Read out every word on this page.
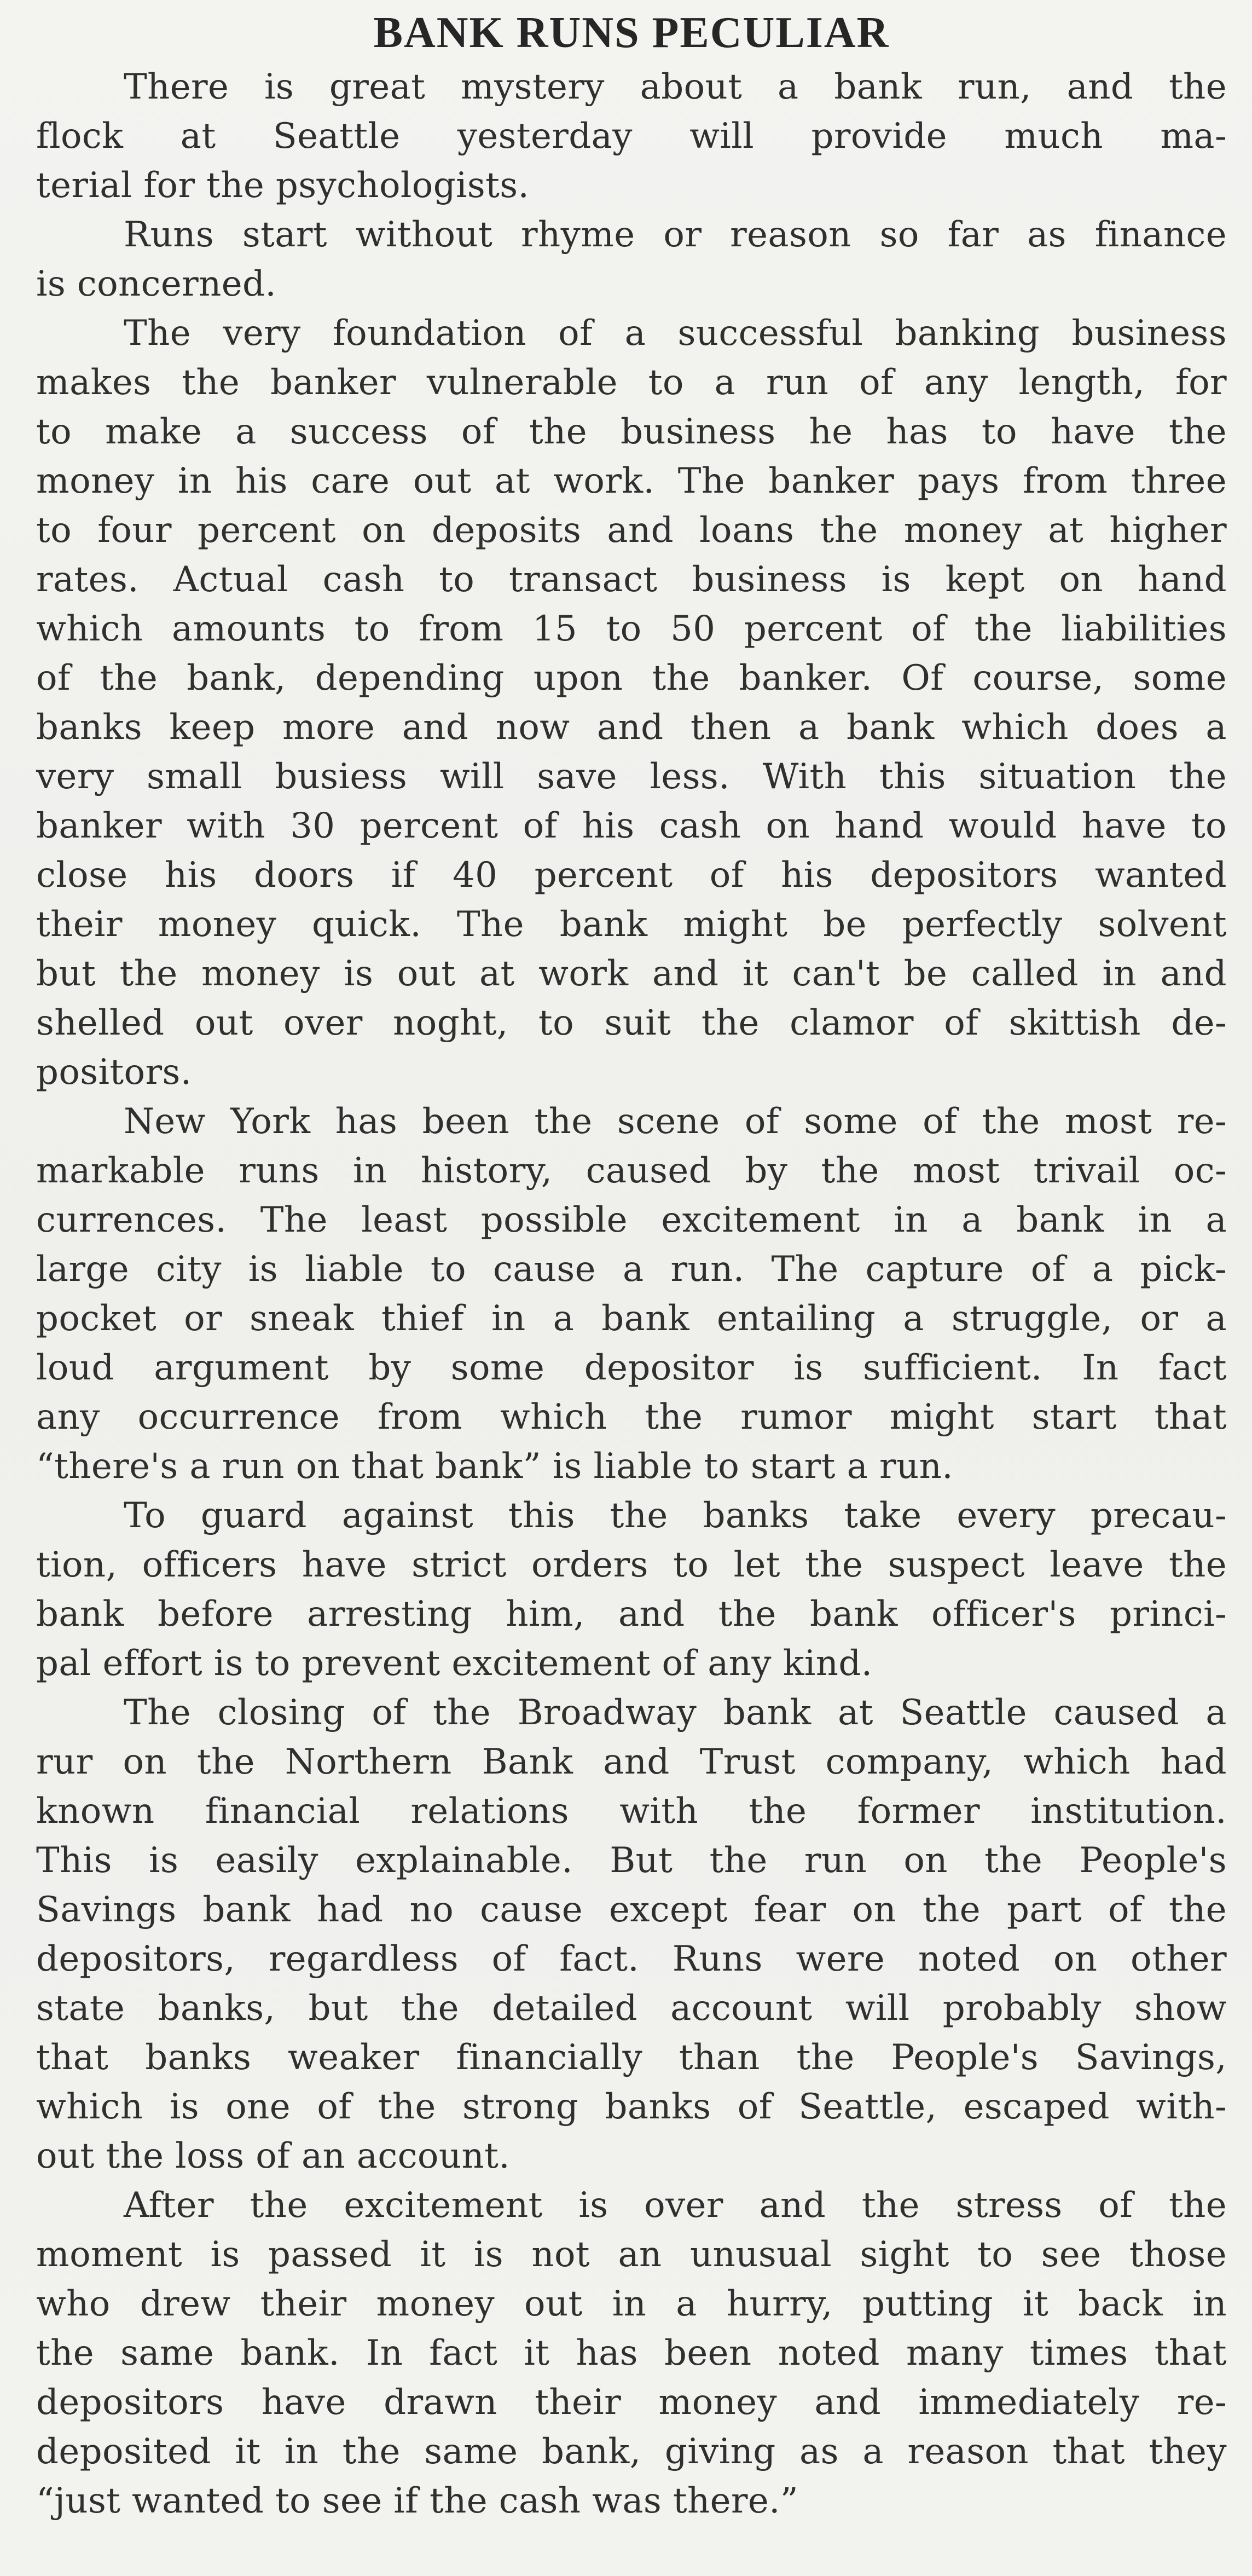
BANK RUNS PECULIAR
There is great mystery about a bank run, and the
flock at Seattle yesterday will provide much ma-
terial for the psychologists.
Runs start without rhyme or reason so far as finance
is concerned.
The very foundation of a successful banking business
makes the banker vulnerable to a run of any length, for
to make a success of the business he has to have the
money in his care out at work. The banker pays from three
to four percent on deposits and loans the money at higher
rates. Actual cash to transact business is kept on hand
which amounts to from 15 to 50 percent of the liabilities
of the bank, depending upon the banker. Of course, some
banks keep more and now and then a bank which does a
very small busiess will save less. With this situation the
banker with 30 percent of his cash on hand would have to
close his doors if 40 percent of his depositors wanted
their money quick. The bank might be perfectly solvent
but the money is out at work and it can't be called in and
shelled out over noght, to suit the clamor of skittish de-
positors.
New York has been the scene of some of the most re-
markable runs in history, caused by the most trivail oc-
currences. The least possible excitement in a bank in a
large city is liable to cause a run. The capture of a pick-
pocket or sneak thief in a bank entailing a struggle, or a
loud argument by some depositor is sufficient. In fact
any occurrence from which the rumor might start that
“there's a run on that bank” is liable to start a run.
To guard against this the banks take every precau-
tion, officers have strict orders to let the suspect leave the
bank before arresting him, and the bank officer's princi-
pal effort is to prevent excitement of any kind.
The closing of the Broadway bank at Seattle caused a
rur on the Northern Bank and Trust company, which had
known financial relations with the former institution.
This is easily explainable. But the run on the People's
Savings bank had no cause except fear on the part of the
depositors, regardless of fact. Runs were noted on other
state banks, but the detailed account will probably show
that banks weaker financially than the People's Savings,
which is one of the strong banks of Seattle, escaped with-
out the loss of an account.
After the excitement is over and the stress of the
moment is passed it is not an unusual sight to see those
who drew their money out in a hurry, putting it back in
the same bank. In fact it has been noted many times that
depositors have drawn their money and immediately re-
deposited it in the same bank, giving as a reason that they
“just wanted to see if the cash was there.”
